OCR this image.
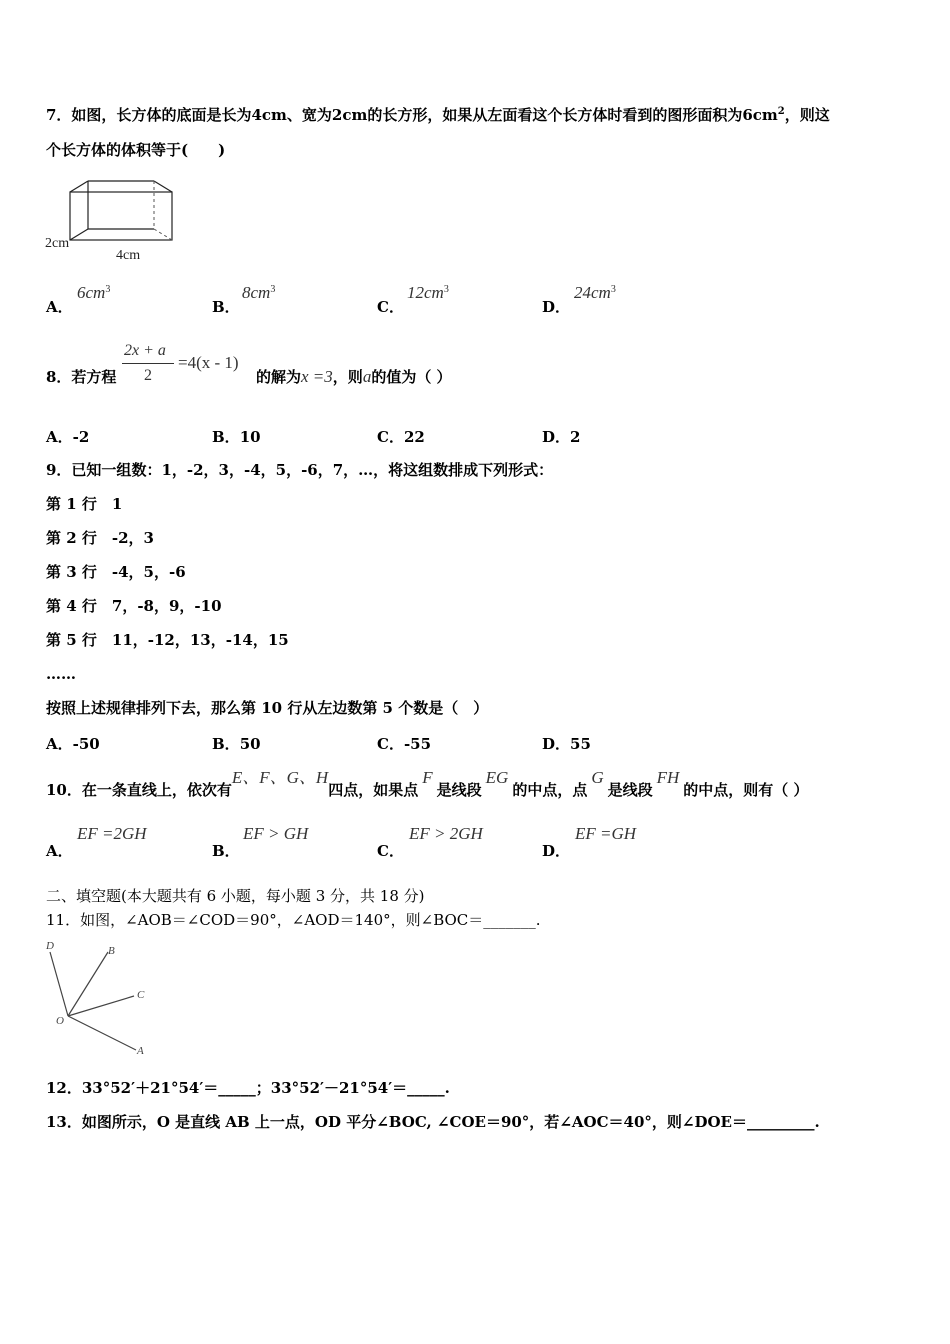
7．如图，长方体的底面是长为4cm、宽为2cm的长方形，如果从左面看这个长方体时看到的图形面积为$6cm^2$，则这
个长方体的体积等于(　　)
2cm
4cm
A．
$6cm^3$
B．
$8cm^3$
C．
$12cm^3$
D．
$24cm^3$
8．若方程
2x + a
2
=4(x - 1)
的解为x =3，则a的值为（ ）
A．-2	B．10	C．22	D．2
9．已知一组数：1，-2，3，-4，5，-6，7，…，将这组数排成下列形式：
第 1 行　1
第 2 行　-2，3
第 3 行　-4，5，-6
第 4 行　7，-8，9，-10
第 5 行　11，-12，13，-14，15
……
按照上述规律排列下去，那么第 10 行从左边数第 5 个数是（　）
A．-50	B．50	C．-55	D．55
10．在一条直线上，依次有E、F、G、H四点，如果点F是线段EG的中点，点G是线段FH的中点，则有（ ）
A．
EF =2GH
B．
EF > GH
C．
EF > 2GH
D．
EF =GH
二、填空题(本大题共有 6 小题，每小题 3 分，共 18 分)
11．如图，∠AOB＝∠COD＝90°，∠AOD＝140°，则∠BOC＝_______.
D	B
C
O
A
12．33°52′＋21°54′＝_____；33°52′－21°54′＝_____.
13．如图所示，O 是直线 AB 上一点，OD 平分∠BOC, ∠COE＝90°，若∠AOC＝40°，则∠DOE＝_________.
